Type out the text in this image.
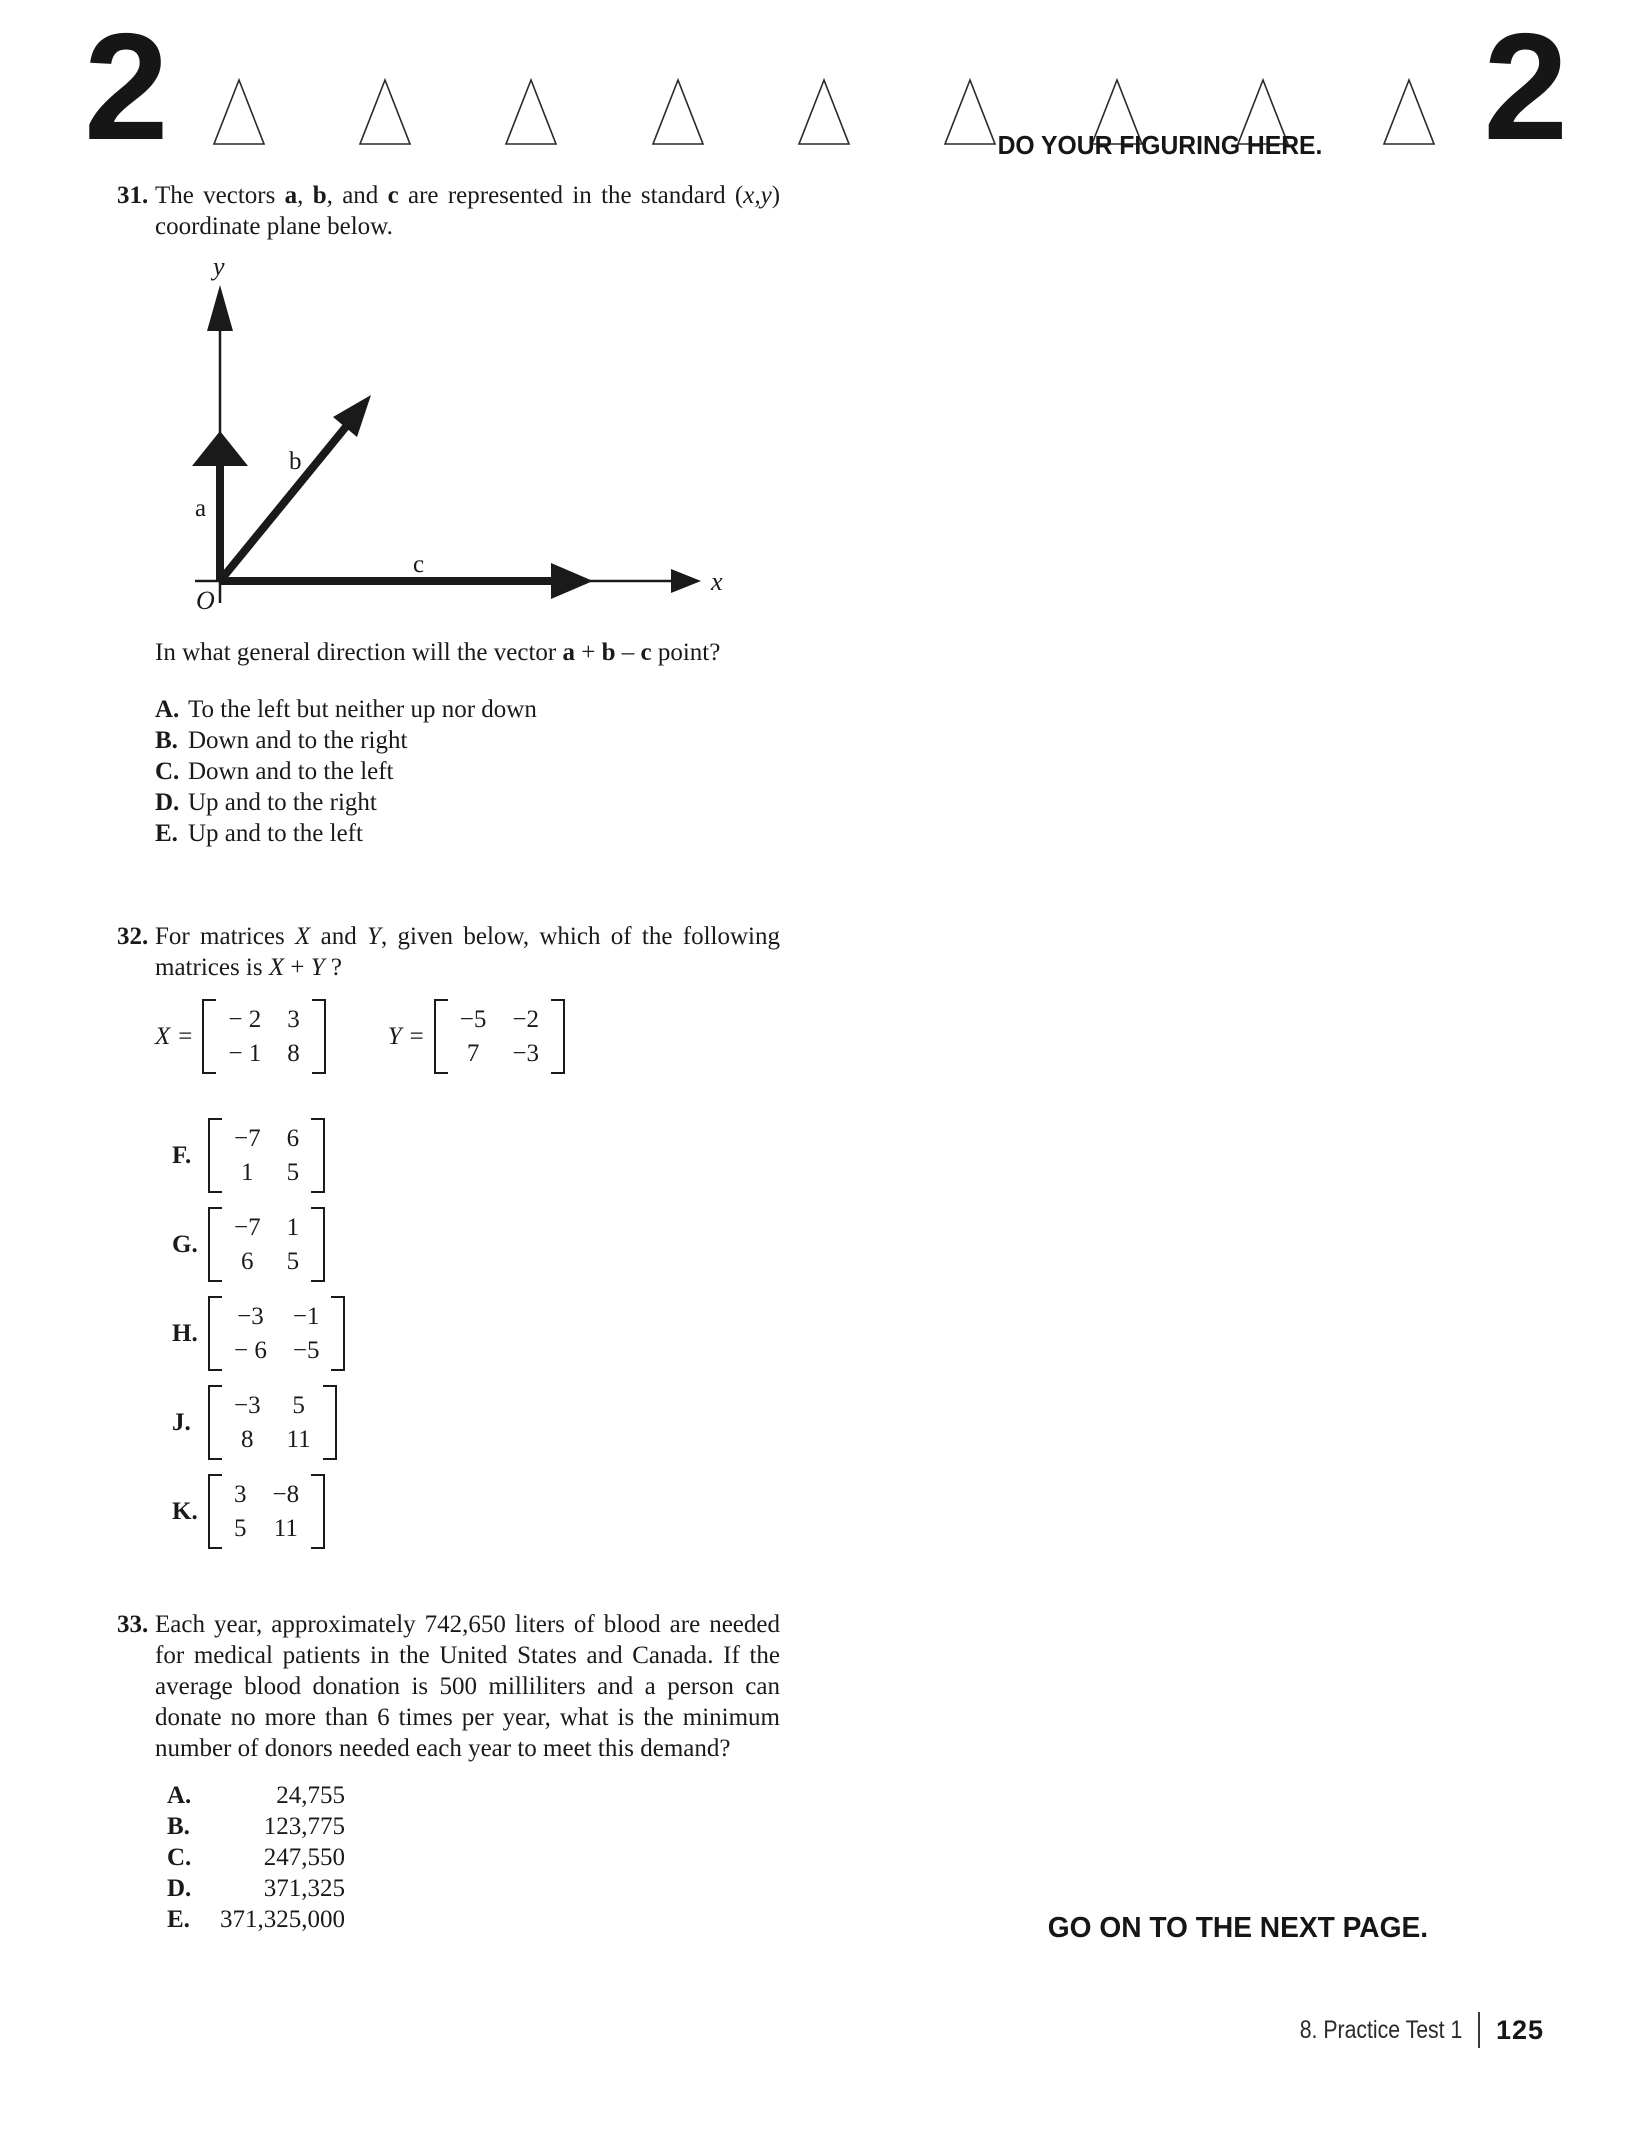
2	2
DO YOUR FIGURING HERE.
31. The vectors a, b, and c are represented in the standard (x,y) coordinate plane below.
y
x
O
a
b
c
In what general direction will the vector a + b – c point?
A. To the left but neither up nor down
B. Down and to the right
C. Down and to the left
D. Up and to the right
E. Up and to the left
32. For matrices X and Y, given below, which of the following matrices is X + Y ?
X =
− 2 3
− 1 8
Y =
−5 −2
7 −3
F.
−7 6
1 5
G.
−7 1
6 5
H.
−3 −1
− 6 −5
J.
−3 5
8 11
K.
3 −8
5 11
33. Each year, approximately 742,650 liters of blood are needed for medical patients in the United States and Canada. If the average blood donation is 500 milliliters and a person can donate no more than 6 times per year, what is the minimum number of donors needed each year to meet this demand?
A.	24,755
B.	123,775
C.	247,550
D.	371,325
E.	371,325,000	GO ON TO THE NEXT PAGE.
8. Practice Test 1 125
